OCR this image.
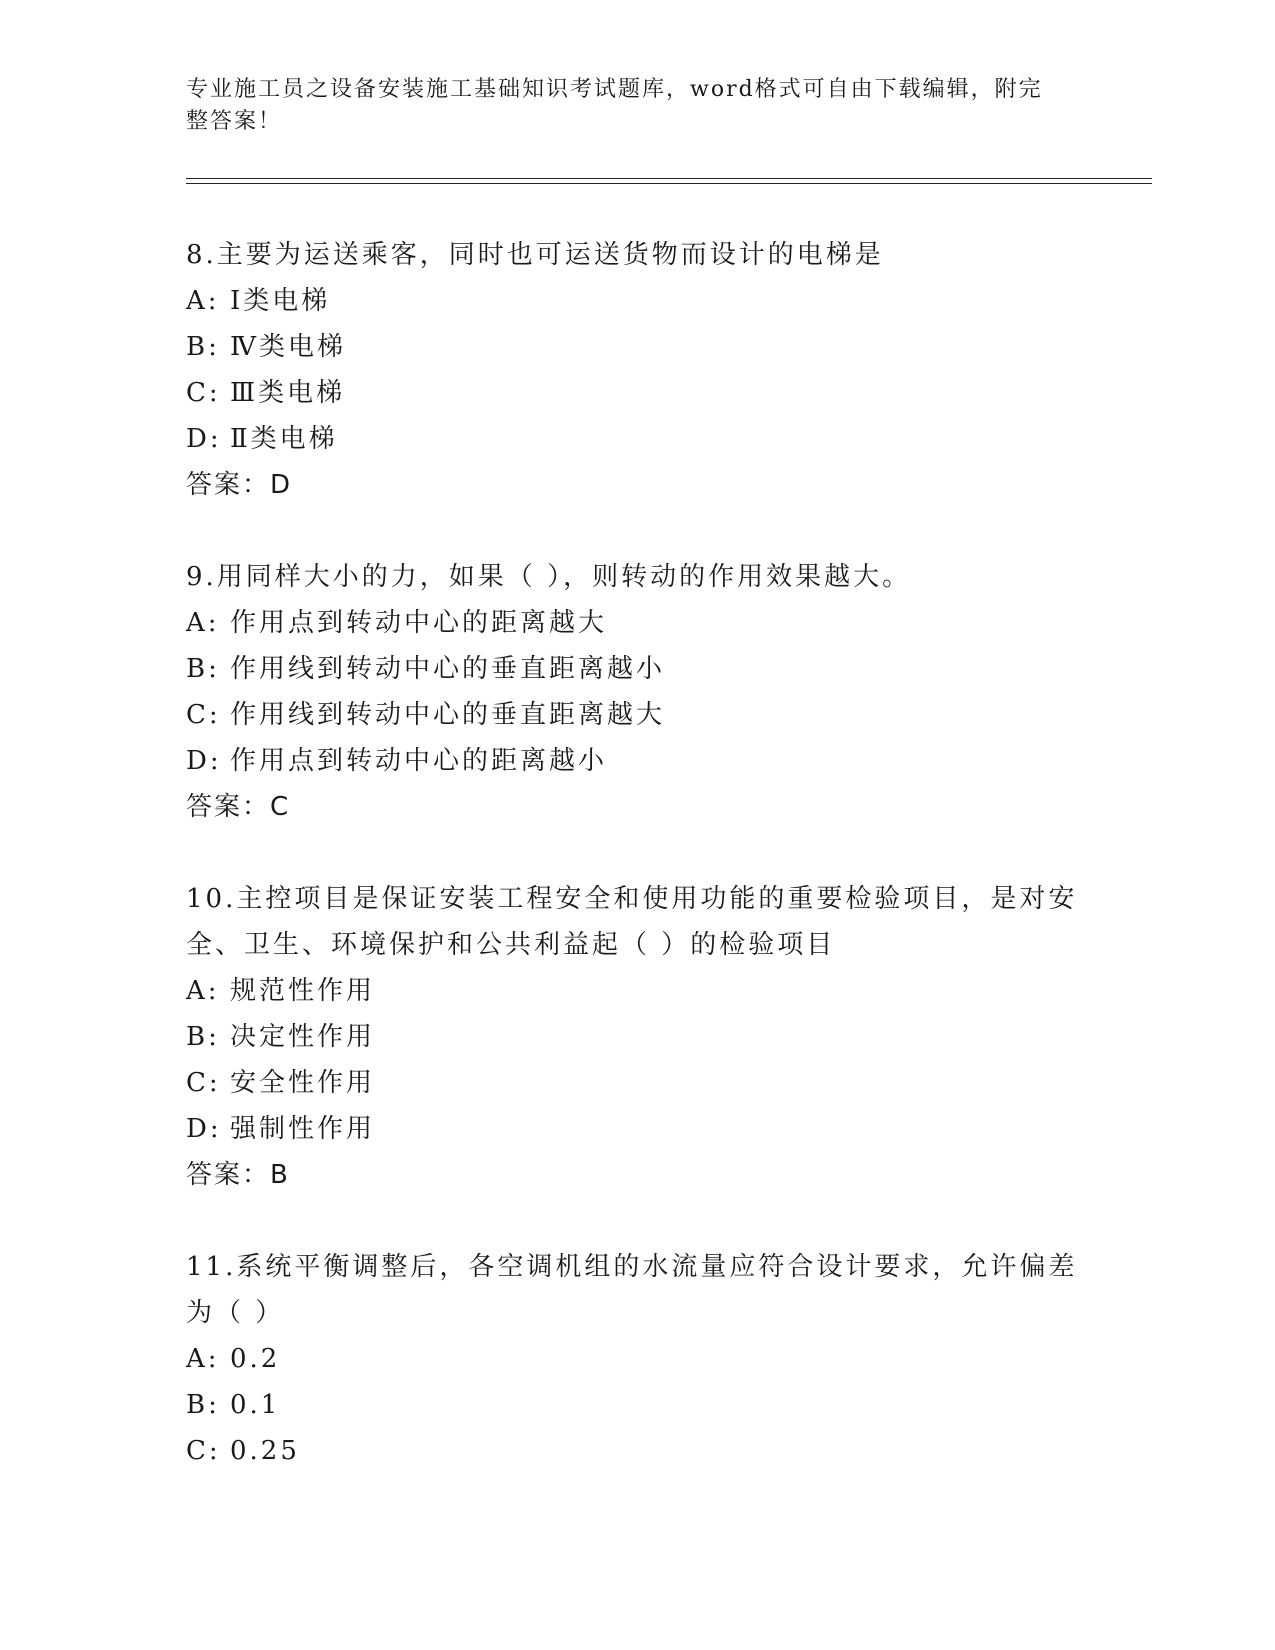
专业施工员之设备安装施工基础知识考试题库，word格式可自由下载编辑，附完整答案！

8.主要为运送乘客，同时也可运送货物而设计的电梯是

A: Ⅰ类电梯
B: Ⅳ类电梯
C: Ⅲ类电梯
D: Ⅱ类电梯
答案：D

9.用同样大小的力，如果（ ），则转动的作用效果越大。

A: 作用点到转动中心的距离越大
B: 作用线到转动中心的垂直距离越小
C: 作用线到转动中心的垂直距离越大
D: 作用点到转动中心的距离越小
答案：C

10.主控项目是保证安装工程安全和使用功能的重要检验项目，是对安全、卫生、环境保护和公共利益起（ ）的检验项目

A: 规范性作用
B: 决定性作用
C: 安全性作用
D: 强制性作用
答案：B

11.系统平衡调整后，各空调机组的水流量应符合设计要求，允许偏差为（ ）

A: 0.2
B: 0.1
C: 0.25
